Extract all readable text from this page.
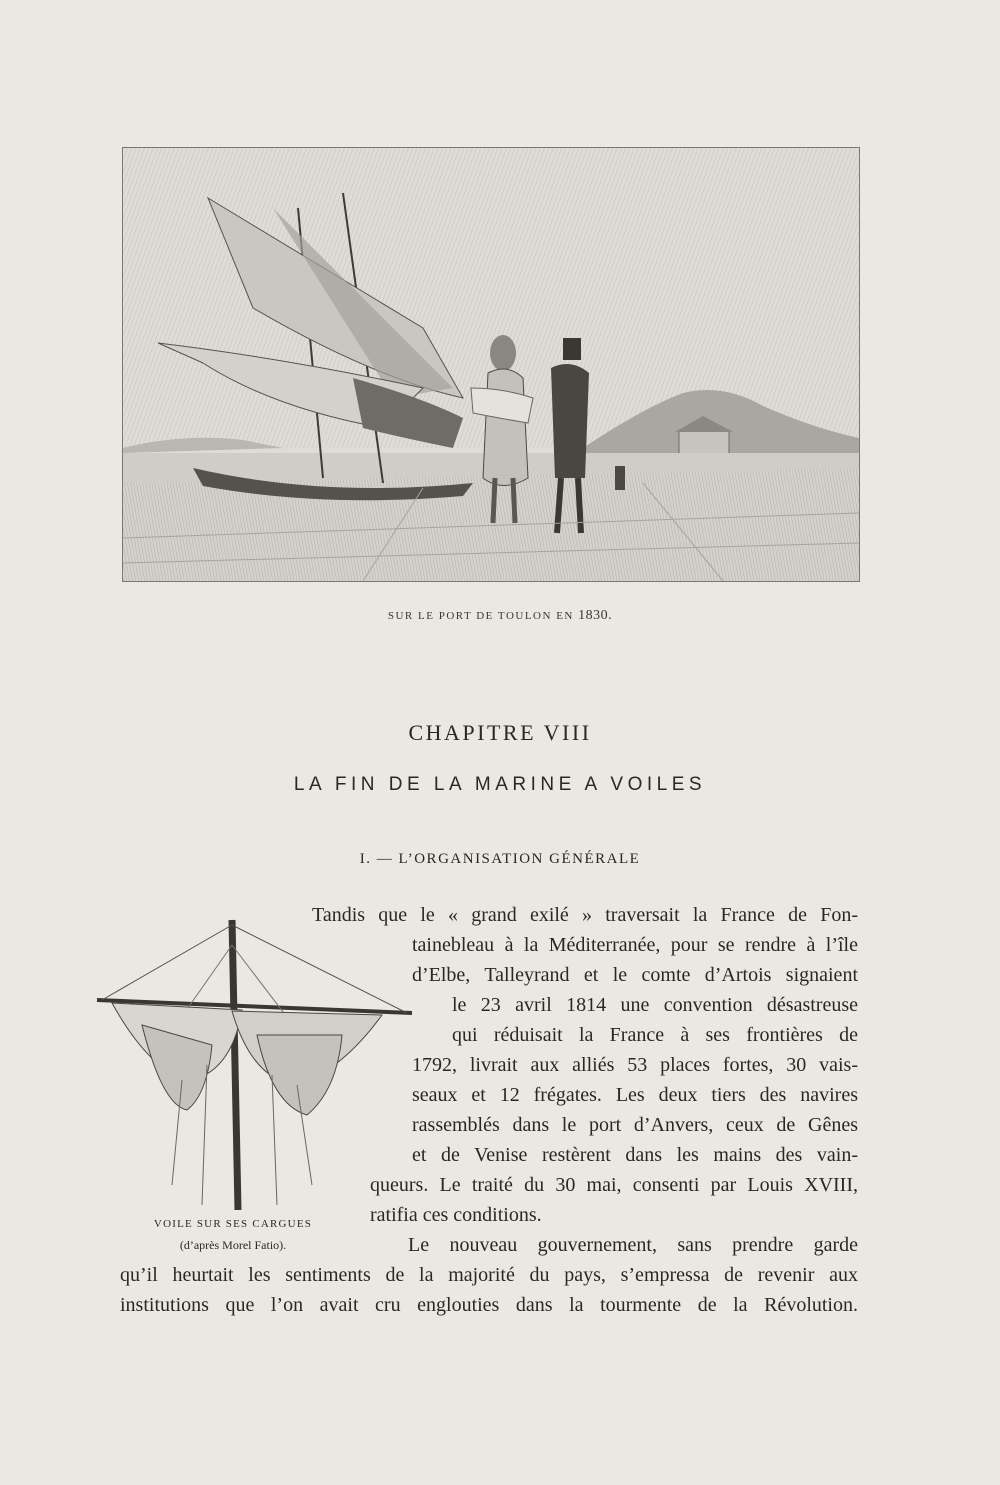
SUR LE PORT DE TOULON EN 1830.
CHAPITRE VIII
LA FIN DE LA MARINE A VOILES
I. — L’ORGANISATION GÉNÉRALE
VOILE SUR SES CARGUES
(d’après Morel Fatio).
Tandis que le « grand exilé » traversait la France de Fon-
tainebleau à la Méditerranée, pour se rendre à l’île
d’Elbe, Talleyrand et le comte d’Artois signaient
le 23 avril 1814 une convention désastreuse
qui réduisait la France à ses frontières de
1792, livrait aux alliés 53 places fortes, 30 vais-
seaux et 12 frégates. Les deux tiers des navires
rassemblés dans le port d’Anvers, ceux de Gênes
et de Venise restèrent dans les mains des vain-
queurs. Le traité du 30 mai, consenti par Louis XVIII,
ratifia ces conditions.
Le nouveau gouvernement, sans prendre garde
qu’il heurtait les sentiments de la majorité du pays, s’empressa de revenir aux
institutions que l’on avait cru englouties dans la tourmente de la Révolution.
